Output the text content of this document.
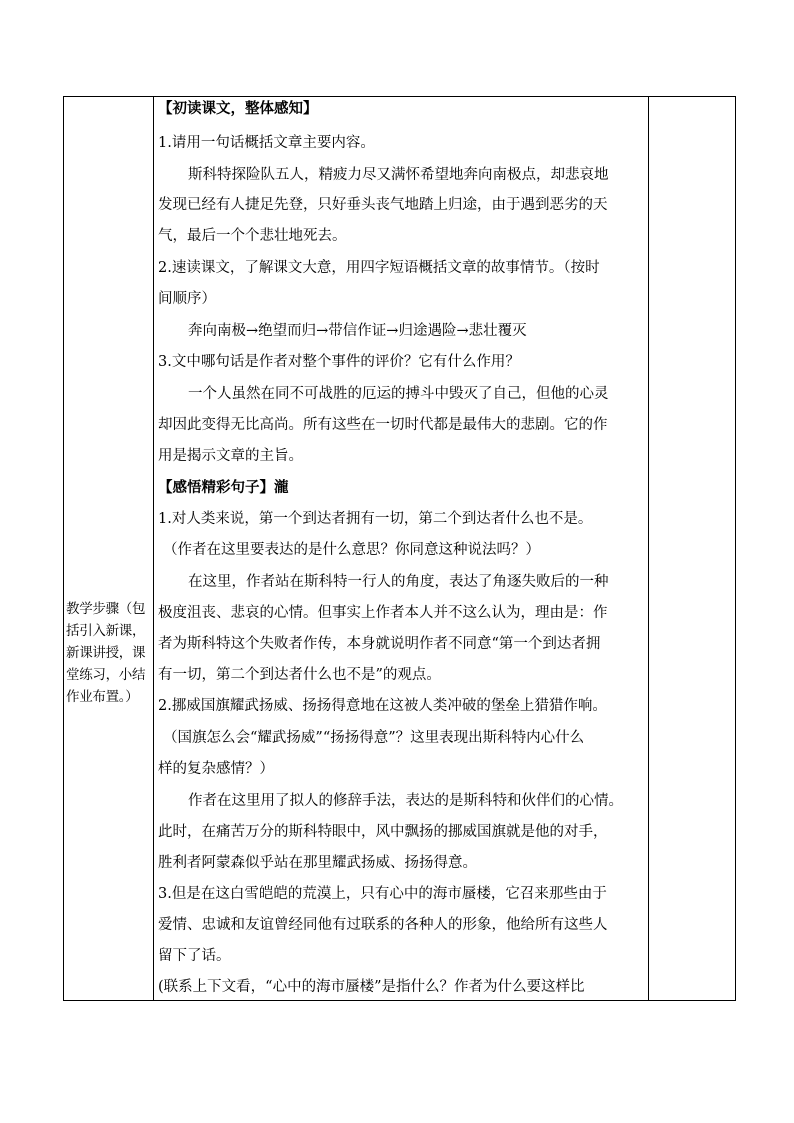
教学步骤（包括引入新课，新课讲授，课堂练习，小结作业布置。）
【初读课文，整体感知】
1.请用一句话概括文章主要内容。
斯科特探险队五人，精疲力尽又满怀希望地奔向南极点，却悲哀地
发现已经有人捷足先登，只好垂头丧气地踏上归途，由于遇到恶劣的天
气，最后一个个悲壮地死去。
2.速读课文，了解课文大意，用四字短语概括文章的故事情节。（按时
间顺序）
奔向南极→绝望而归→带信作证→归途遇险→悲壮覆灭
3.文中哪句话是作者对整个事件的评价？它有什么作用？
一个人虽然在同不可战胜的厄运的搏斗中毁灭了自己，但他的心灵
却因此变得无比高尚。所有这些在一切时代都是最伟大的悲剧。它的作
用是揭示文章的主旨。
【感悟精彩句子】瀧
1.对人类来说，第一个到达者拥有一切，第二个到达者什么也不是。
（作者在这里要表达的是什么意思？你同意这种说法吗？）
在这里，作者站在斯科特一行人的角度，表达了角逐失败后的一种
极度沮丧、悲哀的心情。但事实上作者本人并不这么认为，理由是：作
者为斯科特这个失败者作传，本身就说明作者不同意“第一个到达者拥
有一切，第二个到达者什么也不是”的观点。
2.挪威国旗耀武扬威、扬扬得意地在这被人类冲破的堡垒上猎猎作响。
（国旗怎么会“耀武扬威”“扬扬得意”？这里表现出斯科特内心什么
样的复杂感情？）
作者在这里用了拟人的修辞手法，表达的是斯科特和伙伴们的心情。
此时，在痛苦万分的斯科特眼中，风中飘扬的挪威国旗就是他的对手，
胜利者阿蒙森似乎站在那里耀武扬威、扬扬得意。
3.但是在这白雪皑皑的荒漠上，只有心中的海市蜃楼，它召来那些由于
爱情、忠诚和友谊曾经同他有过联系的各种人的形象，他给所有这些人
留下了话。
(联系上下文看，“心中的海市蜃楼”是指什么？作者为什么要这样比
